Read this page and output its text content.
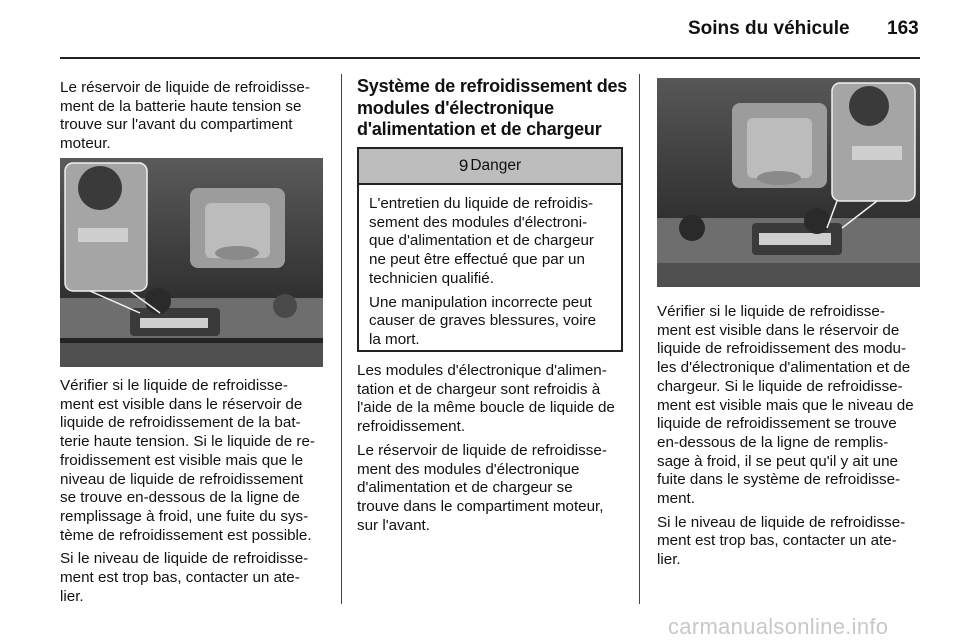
Soins du véhicule 163

Le réservoir de liquide de refroidisse-
ment de la batterie haute tension se
trouve sur l'avant du compartiment
moteur.

Vérifier si le liquide de refroidisse-
ment est visible dans le réservoir de
liquide de refroidissement de la bat-
terie haute tension. Si le liquide de re-
froidissement est visible mais que le
niveau de liquide de refroidissement
se trouve en-dessous de la ligne de
remplissage à froid, une fuite du sys-
tème de refroidissement est possible.

Si le niveau de liquide de refroidisse-
ment est trop bas, contacter un ate-
lier.

Système de refroidissement des
modules d'électronique
d'alimentation et de chargeur
9 Danger

L'entretien du liquide de refroidis-
sement des modules d'électroni-
que d'alimentation et de chargeur
ne peut être effectué que par un
technicien qualifié.

Une manipulation incorrecte peut
causer de graves blessures, voire
la mort.

Les modules d'électronique d'alimen-
tation et de chargeur sont refroidis à
l'aide de la même boucle de liquide de
refroidissement.

Le réservoir de liquide de refroidisse-
ment des modules d'électronique
d'alimentation et de chargeur se
trouve dans le compartiment moteur,
sur l'avant.

Vérifier si le liquide de refroidisse-
ment est visible dans le réservoir de
liquide de refroidissement des modu-
les d'électronique d'alimentation et de
chargeur. Si le liquide de refroidisse-
ment est visible mais que le niveau de
liquide de refroidissement se trouve
en-dessous de la ligne de remplis-
sage à froid, il se peut qu'il y ait une
fuite dans le système de refroidisse-
ment.

Si le niveau de liquide de refroidisse-
ment est trop bas, contacter un ate-
lier.

carmanualsonline.info
